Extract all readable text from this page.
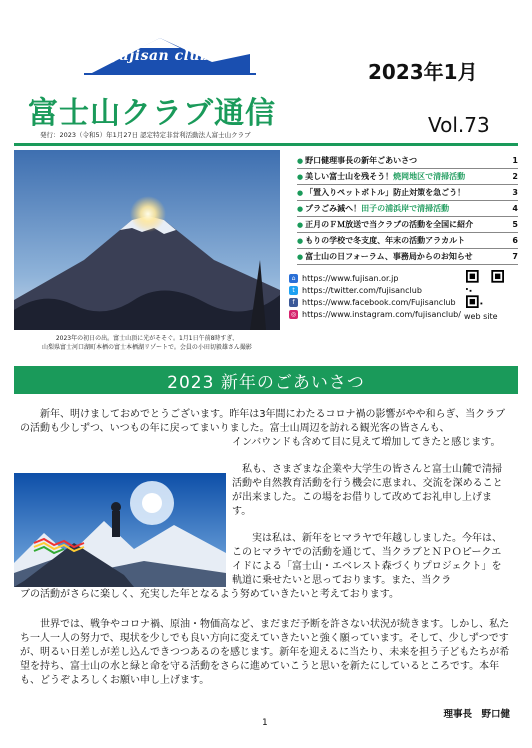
fujisan club
2023年1月
富士山クラブ通信	Vol.73
発行：2023（令和5）年1月27日 認定特定非営利活動法人富士山クラブ
2023年の初日の出。富士山頂に光がそそぐ。1月1日午前8時すぎ、
山梨県富士河口湖町本栖の富士本栖湖リゾートで。会員の小田切毅雄さん撮影
● 野口健理事長の新年ごあいさつ	1
● 美しい富士山を残そう！焼岡地区で清掃活動	2
● 「置入りペットボトル」防止対策を急ごう！	3
● プラごみ減へ！田子の浦浜岸で清掃活動	4
● 正月のＦＭ放送で当クラブの活動を全国に紹介	5
● もりの学校で冬支度、年末の活動アラカルト	6
● 富士山の日フォーラム、事務局からのお知らせ	7
⌂ https://www.fujisan.or.jp
t https://twitter.com/fujisanclub
f https://www.facebook.com/Fujisanclub
◎ https://www.instagram.com/fujisanclub/ web site
2023 新年のごあいさつ
新年、明けましておめでとうございます。昨年は3年間にわたるコロナ禍の影響がやや和らぎ、当クラブの活動も少しずつ、いつもの年に戻ってまいりました。富士山周辺を訪れる観光客の皆さんも、
インバウンドも含めて目に見えて増加してきたと感じます。
私も、さまざまな企業や大学生の皆さんと富士山麓で清掃活動や自然教育活動を行う機会に恵まれ、交流を深めることが出来ました。この場をお借りして改めてお礼申し上げます。
実は私は、新年をヒマラヤで年越ししました。今年は、このヒマラヤでの活動を通じて、当クラブとＮＰＯピークエイドによる「富士山・エベレスト森づくりプロジェクト」を軌道に乗せたいと思っております。また、当クラ
ブの活動がさらに楽しく、充実した年となるよう努めていきたいと考えております。
世界では、戦争やコロナ禍、原油・物価高など、まだまだ予断を許さない状況が続きます。しかし、私たち一人一人の努力で、現状を少しでも良い方向に変えていきたいと強く願っています。そして、少しずつですが、明るい日差しが差し込んできつつあるのを感じます。新年を迎えるに当たり、未来を担う子どもたちが希望を持ち、富士山の水と緑と命を守る活動をさらに進めていこうと思いを新たにしているところです。本年も、どうぞよろしくお願い申し上げます。
理事長　野口健
1
